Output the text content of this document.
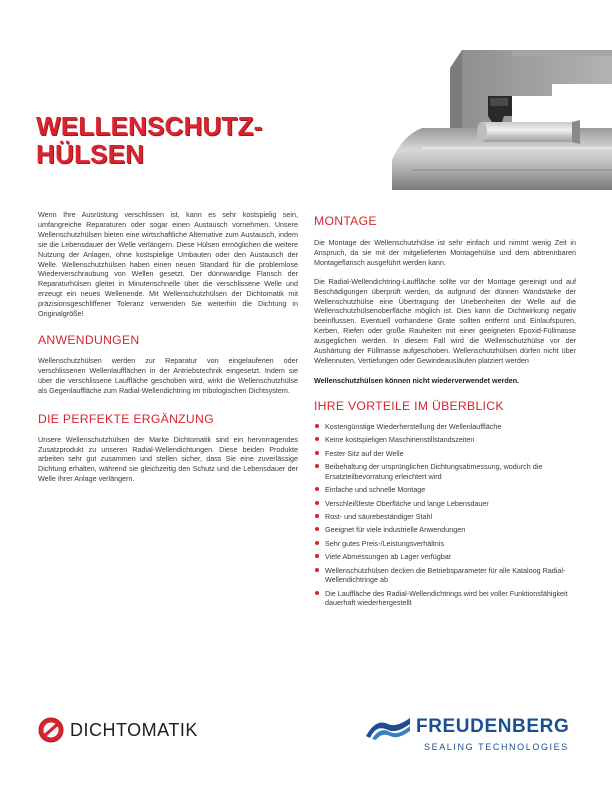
WELLENSCHUTZ-
HÜLSEN

Wenn Ihre Ausrüstung verschlissen ist, kann es sehr kostspielig sein, umfangreiche Reparaturen oder sogar einen Austausch vornehmen. Unsere Wellenschutzhülsen bieten eine wirtschaftliche Alternative zum Austausch, indem sie die Lebensdauer der Welle verlängern. Diese Hülsen ermöglichen die weitere Nutzung der Anlagen, ohne kostspielige Umbauten oder den Austausch der Welle. Wellenschutzhülsen haben einen neuen Standard für die problemlose Wiederverschraubung von Wellen gesetzt. Der dünnwandige Flansch der Reparaturhülsen gleitet in Minutenschnelle über die verschlissene Welle und erzeugt ein neues Wellenende. Mit Wellenschutzhülsen der Dichtomatik mit präzisionsgeschliffener Toleranz verwenden Sie weiterhin die Dichtung in Originalgröße!

ANWENDUNGEN

Wellenschutzhülsen werden zur Reparatur von eingelaufenen oder verschlissenen Wellenlaufflächen in der Antriebstechnik eingesetzt. Indem sie über die verschlissene Lauffläche geschoben wird, wirkt die Wellenschutzhülse als Gegenlauffläche zum Radial-Wellendichtring im tribologischen Dichtsystem.

DIE PERFEKTE ERGÄNZUNG

Unsere Wellenschutzhülsen der Marke Dichtomatik sind ein hervorragendes Zusatzprodukt zu unseren Radial-Wellendichtungen. Diese beiden Produkte arbeiten sehr gut zusammen und stellen sicher, dass Sie eine zuverlässige Dichtung erhalten, während sie gleichzeitig den Schutz und die Lebensdauer der Welle Ihrer Anlage verlängern.

MONTAGE

Die Montage der Wellenschutzhülse ist sehr einfach und nimmt wenig Zeit in Anspruch, da sie mit der mitgelieferten Montagehülse und dem abtrennbaren Montageflansch ausgeführt werden kann.

Die Radial-Wellendichtring-Lauffläche sollte vor der Montage gereinigt und auf Beschädigungen überprüft werden, da aufgrund der dünnen Wandstärke der Wellenschutzhülse eine Übertragung der Unebenheiten der Welle auf die Wellenschutzhülsenoberfläche möglich ist. Dies kann die Dichtwirkung negativ beeinflussen. Eventuell vorhandene Grate sollten entfernt und Einlaufspuren, Kerben, Riefen oder große Rauheiten mit einer geeigneten Epoxid-Füllmasse ausgeglichen werden. In diesem Fall wird die Wellenschutzhülse vor der Aushärtung der Füllmasse aufgeschoben. Wellenschutzhülsen dürfen nicht über Wellennuten, Vertiefungen oder Gewindeausläufen platziert werden

Wellenschutzhülsen können nicht wiederverwendet werden.

IHRE VORTEILE IM ÜBERBLICK
Kostengünstige Wiederherstellung der Wellenlauffläche
Keine kostspieligen Maschinenstillstandszeiten
Fester Sitz auf der Welle
Beibehaltung der ursprünglichen Dichtungsabmessung, wodurch die Ersatzteilbevorratung erleichtert wird
Einfache und schnelle Montage
Verschleißfeste Oberfläche und lange Lebensdauer
Rost- und säurebeständiger Stahl
Geeignet für viele industrielle Anwendungen
Sehr gutes Preis-/Leistungsverhältnis
Viele Abmessungen ab Lager verfügbar
Wellenschutzhülsen decken die Betriebsparameter für alle Kataloog Radial-Wellendichtringe ab
Die Lauffläche des Radial-Wellendichtrings wird bei voller Funktionsfähigkeit dauerhaft wiederhergestellt
DICHTOMATIK	FREUDENBERG
SEALING TECHNOLOGIES
